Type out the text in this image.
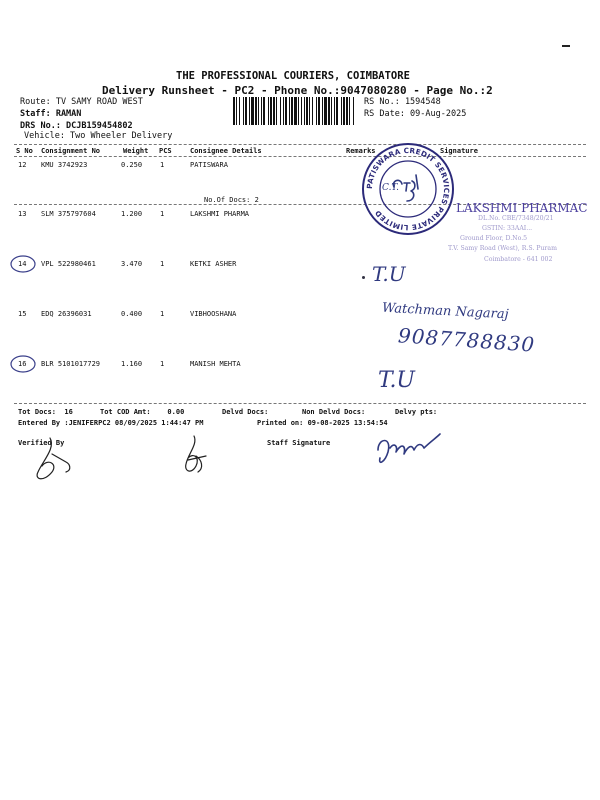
THE PROFESSIONAL COURIERS, COIMBATORE
Delivery Runsheet - PC2 - Phone No.:9047080280 - Page No.:2
Route: TV SAMY ROAD WEST
Staff: RAMAN
DRS No.: DCJB159454802
Vehicle: Two Wheeler Delivery
RS No.: 1594548
RS Date: 09-Aug-2025
S No Consignment No	Weight PCS	Consignee Details	Remarks	Signature
12 KMU 3742923	0.250	1	PATISWARA
No.Of Docs: 2
13 SLM 375797604	1.200	1	LAKSHMI PHARMA
14 VPL 522980461	3.470	1	KETKI ASHER
15 EDQ 26396031	0.400	1	VIBHOOSHANA
16 BLR 5101017729	1.160	1	MANISH MEHTA
Tot Docs:  16	Tot COD Amt:    0.00	Delvd Docs:	Non Delvd Docs:	Delvy pts:
Entered By :JENIFERPC2 08/09/2025 1:44:47 PM	Printed on: 09-08-2025 13:54:54
Verified By	Staff Signature
PATISWARA CREDIT SERVICES PRIVATE LIMITED
C.T.
LAKSHMI PHARMAC
DL.No. CBE/7348/20/21
GSTIN: 33AAI...
Ground Floor, D.No.5
T.V. Samy Road (West), R.S. Puram
Coimbatore - 641 002
T.U
Watchman Nagaraj
9087788830
T.U
